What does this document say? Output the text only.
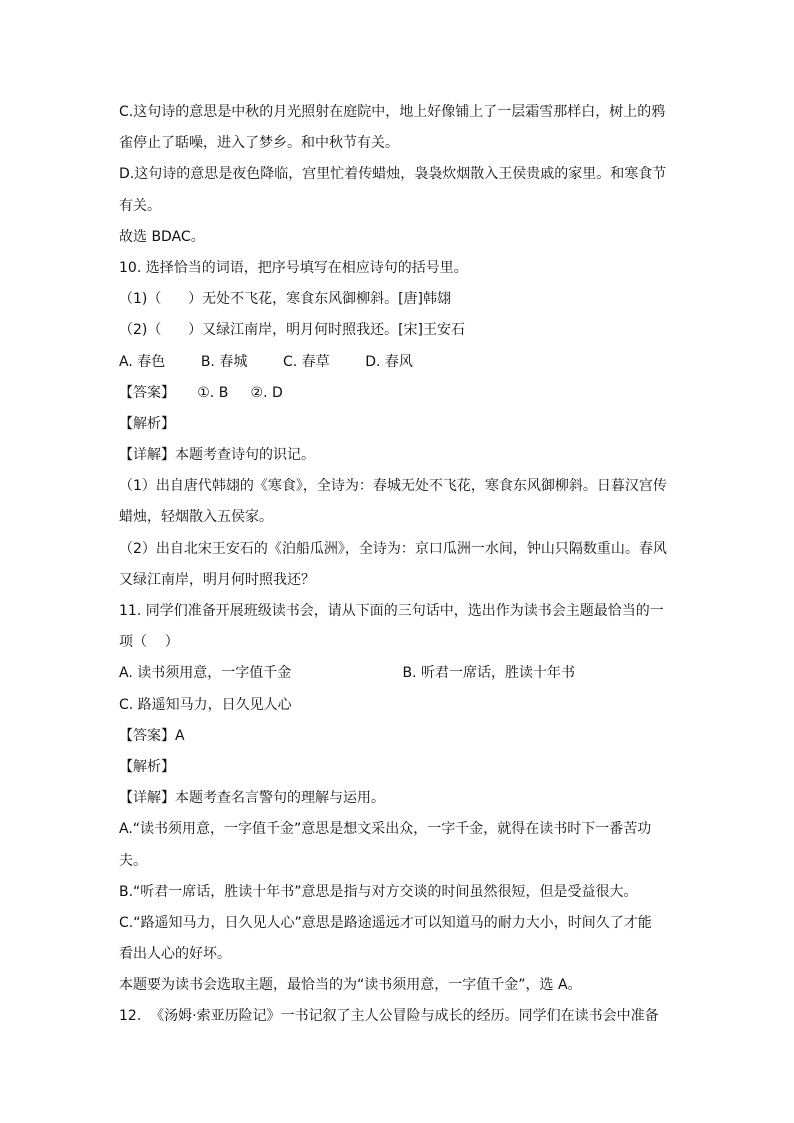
C.这句诗的意思是中秋的月光照射在庭院中，地上好像铺上了一层霜雪那样白，树上的鸦
雀停止了聒噪，进入了梦乡。和中秋节有关。
D.这句诗的意思是夜色降临，宫里忙着传蜡烛，袅袅炊烟散入王侯贵戚的家里。和寒食节
有关。
故选 BDAC。
10. 选择恰当的词语，把序号填写在相应诗句的括号里。
（1)（      ）无处不飞花，寒食东风御柳斜。[唐]韩翃
（2)（      ）又绿江南岸，明月何时照我还。[宋]王安石
A. 春色        B. 春城        C. 春草        D. 春风
【答案】     ①. B     ②. D
【解析】
【详解】本题考查诗句的识记。
（1）出自唐代韩翃的《寒食》，全诗为：春城无处不飞花，寒食东风御柳斜。日暮汉宫传
蜡烛，轻烟散入五侯家。
（2）出自北宋王安石的《泊船瓜洲》，全诗为：京口瓜洲一水间，钟山只隔数重山。春风
又绿江南岸，明月何时照我还？
11. 同学们准备开展班级读书会，请从下面的三句话中，选出作为读书会主题最恰当的一
项（    ）
A. 读书须用意，一字值千金                         B. 听君一席话，胜读十年书
C. 路遥知马力，日久见人心
【答案】A
【解析】
【详解】本题考查名言警句的理解与运用。
A.“读书须用意，一字值千金”意思是想文采出众，一字千金，就得在读书时下一番苦功
夫。
B.“听君一席话，胜读十年书”意思是指与对方交谈的时间虽然很短，但是受益很大。
C.“路遥知马力，日久见人心”意思是路途遥远才可以知道马的耐力大小，时间久了才能
看出人心的好坏。
本题要为读书会选取主题，最恰当的为“读书须用意，一字值千金”，选 A。
12.  《汤姆·索亚历险记》一书记叙了主人公冒险与成长的经历。同学们在读书会中准备
